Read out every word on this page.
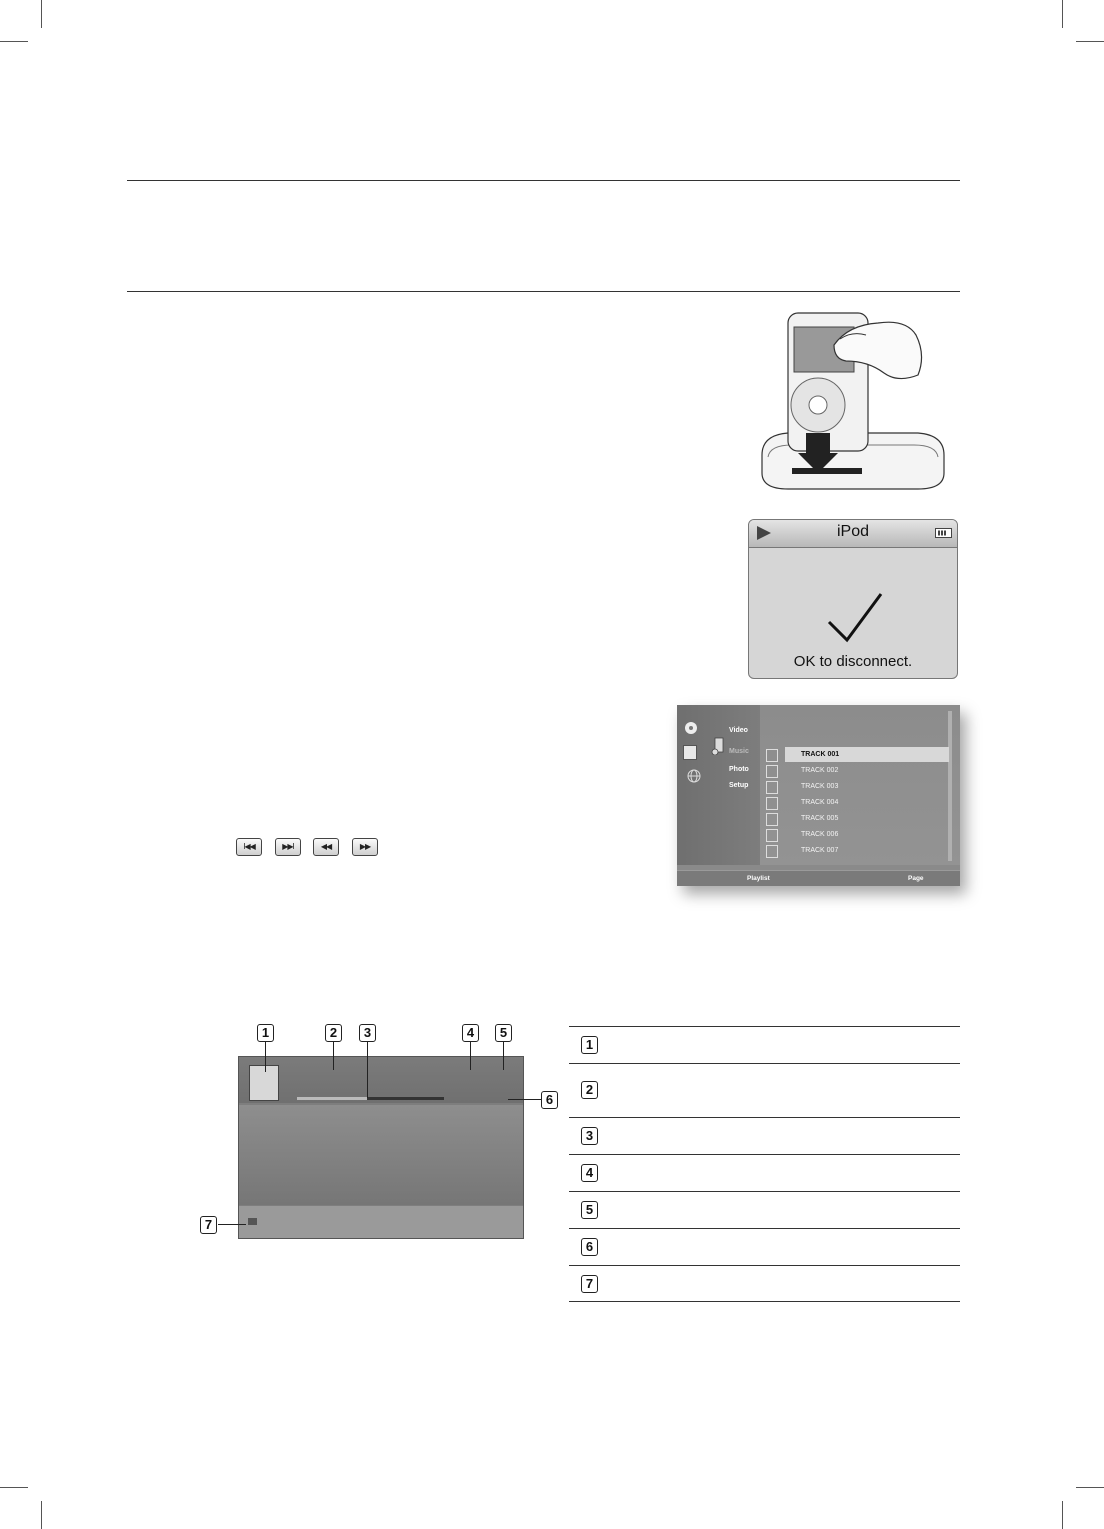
iPod
OK to disconnect.
Video
Music
Photo
Setup
TRACK 001
TRACK 002
TRACK 003
TRACK 004
TRACK 005
TRACK 006
TRACK 007
Playlist	Page
I◀◀	▶▶I	◀◀	▶▶
1	2	3	4	5
6
7
1
2
3
4
5
6
7
